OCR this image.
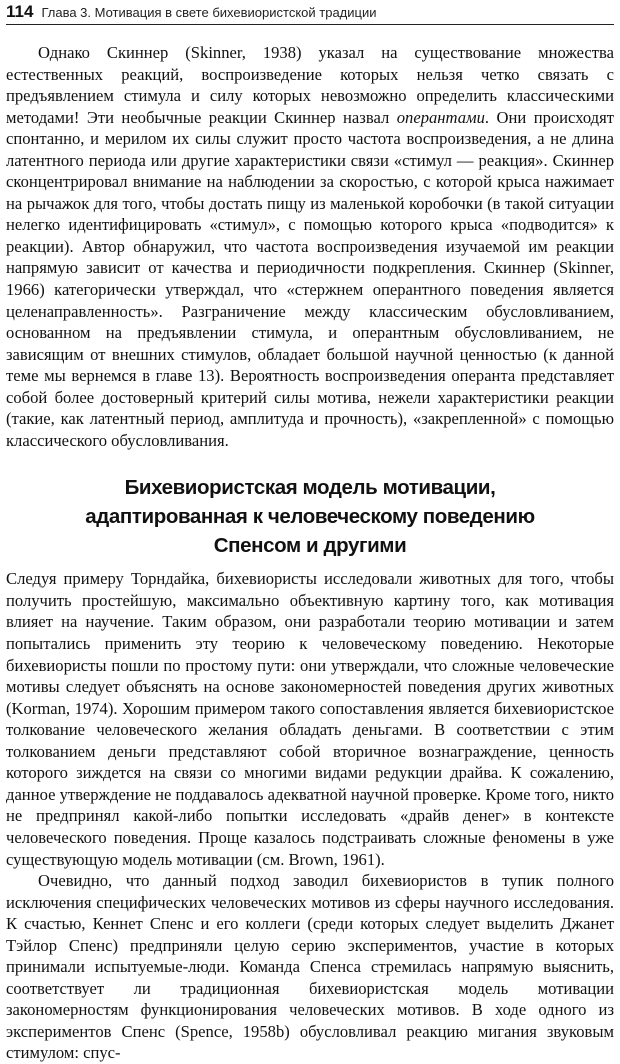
114 Глава 3. Мотивация в свете бихевиористской традиции

Однако Скиннер (Skinner, 1938) указал на существование множества естественных реакций, воспроизведение которых нельзя четко связать с предъявлением стимула и силу которых невозможно определить классическими методами! Эти необычные реакции Скиннер назвал оперантами. Они происходят спонтанно, и мерилом их силы служит просто частота воспроизведения, а не длина латентного периода или другие характеристики связи «стимул — реакция». Скиннер сконцентрировал внимание на наблюдении за скоростью, с которой крыса нажимает на рычажок для того, чтобы достать пищу из маленькой коробочки (в такой ситуации нелегко идентифицировать «стимул», с помощью которого крыса «подводится» к реакции). Автор обнаружил, что частота воспроизведения изучаемой им реакции напрямую зависит от качества и периодичности подкрепления. Скиннер (Skinner, 1966) категорически утверждал, что «стержнем оперантного поведения является целенаправленность». Разграничение между классическим обусловливанием, основанном на предъявлении стимула, и оперантным обусловливанием, не зависящим от внешних стимулов, обладает большой научной ценностью (к данной теме мы вернемся в главе 13). Вероятность воспроизведения операнта представляет собой более достоверный критерий силы мотива, нежели характеристики реакции (такие, как латентный период, амплитуда и прочность), «закрепленной» с помощью классического обусловливания.

Бихевиористская модель мотивации,
адаптированная к человеческому поведению
Спенсом и другими

Следуя примеру Торндайка, бихевиористы исследовали животных для того, чтобы получить простейшую, максимально объективную картину того, как мотивация влияет на научение. Таким образом, они разработали теорию мотивации и затем попытались применить эту теорию к человеческому поведению. Некоторые бихевиористы пошли по простому пути: они утверждали, что сложные человеческие мотивы следует объяснять на основе закономерностей поведения других животных (Korman, 1974). Хорошим примером такого сопоставления является бихевиористское толкование человеческого желания обладать деньгами. В соответствии с этим толкованием деньги представляют собой вторичное вознаграждение, ценность которого зиждется на связи со многими видами редукции драйва. К сожалению, данное утверждение не поддавалось адекватной научной проверке. Кроме того, никто не предпринял какой-либо попытки исследовать «драйв денег» в контексте человеческого поведения. Проще казалось подстраивать сложные феномены в уже существующую модель мотивации (см. Brown, 1961).

Очевидно, что данный подход заводил бихевиористов в тупик полного исключения специфических человеческих мотивов из сферы научного исследования. К счастью, Кеннет Спенс и его коллеги (среди которых следует выделить Джанет Тэйлор Спенс) предприняли целую серию экспериментов, участие в которых принимали испытуемые-люди. Команда Спенса стремилась напрямую выяснить, соответствует ли традиционная бихевиористская модель мотивации закономерностям функционирования человеческих мотивов. В ходе одного из экспериментов Спенс (Spence, 1958b) обусловливал реакцию мигания звуковым стимулом: спус-
